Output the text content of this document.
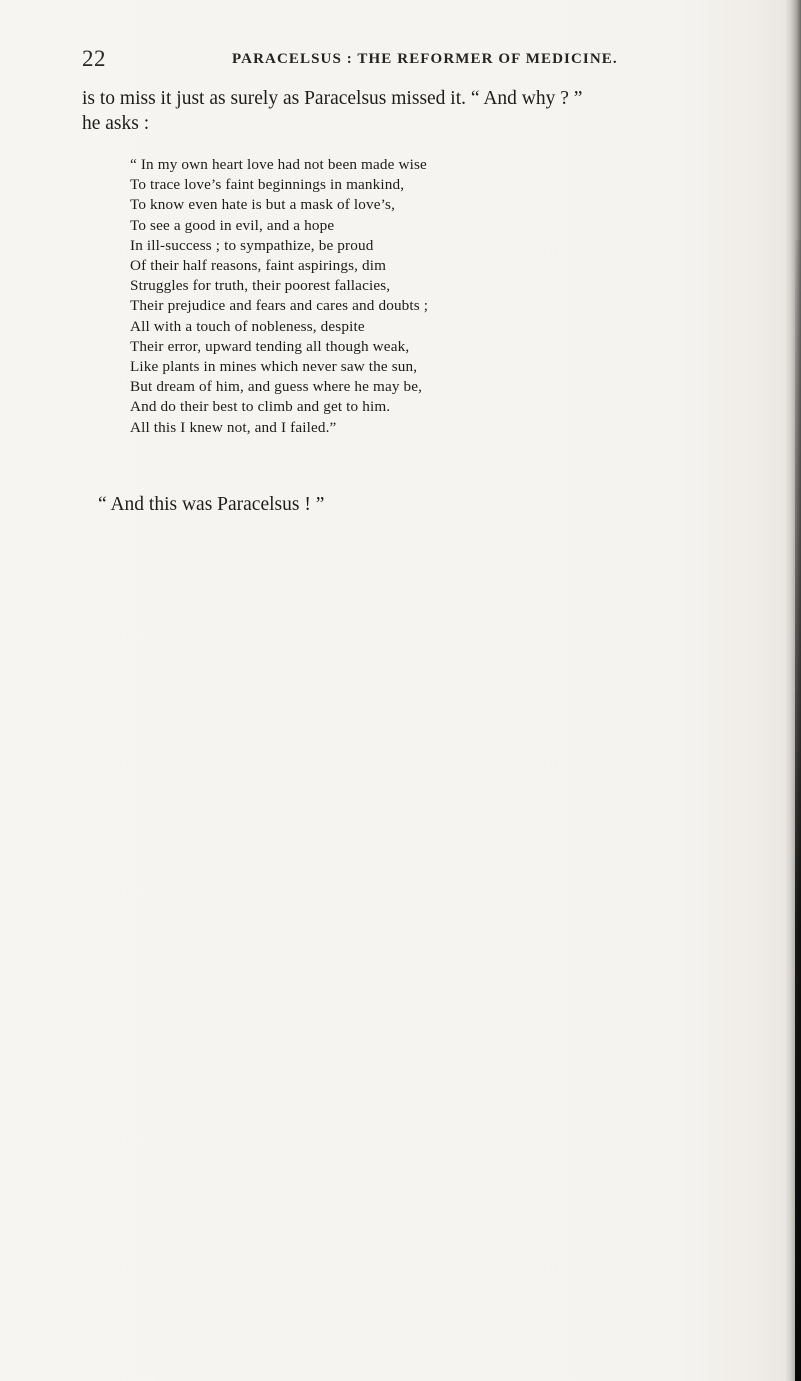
22	PARACELSUS : THE REFORMER OF MEDICINE.
is to miss it just as surely as Paracelsus missed it. “ And why ? ”
he asks :
“ In my own heart love had not been made wise
To trace love’s faint beginnings in mankind,
To know even hate is but a mask of love’s,
To see a good in evil, and a hope
In ill-success ; to sympathize, be proud
Of their half reasons, faint aspirings, dim
Struggles for truth, their poorest fallacies,
Their prejudice and fears and cares and doubts ;
All with a touch of nobleness, despite
Their error, upward tending all though weak,
Like plants in mines which never saw the sun,
But dream of him, and guess where he may be,
And do their best to climb and get to him.
All this I knew not, and I failed.”
“ And this was Paracelsus ! ”
